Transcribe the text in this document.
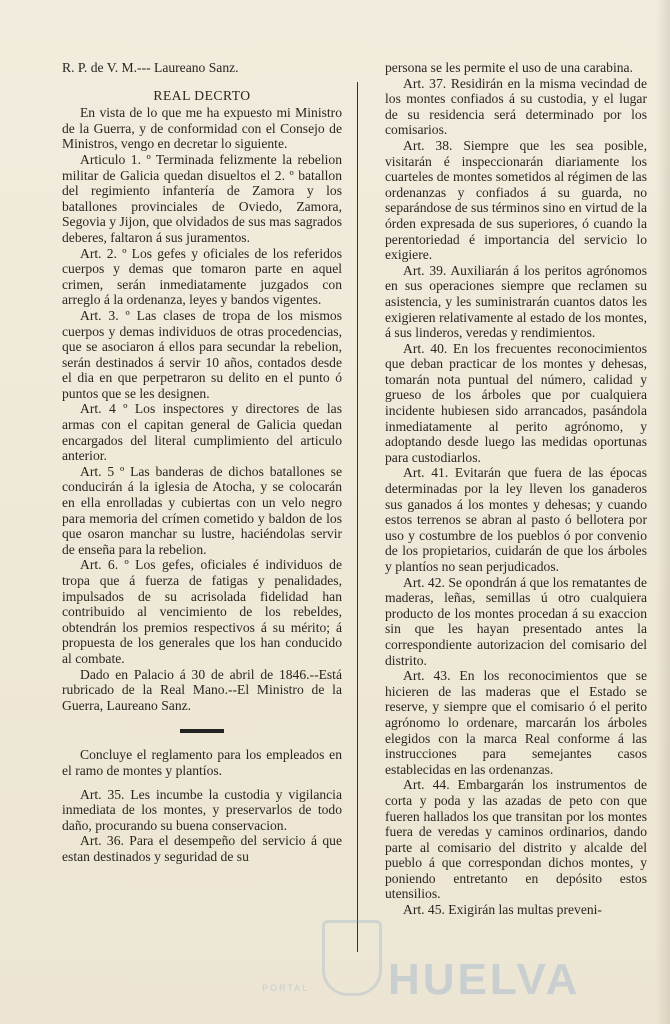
R. P. de V. M.--- Laureano Sanz.

REAL DECRTO

En vista de lo que me ha expuesto mi Ministro de la Guerra, y de conformidad con el Consejo de Ministros, vengo en decretar lo siguiente.

Articulo 1. º Terminada felizmente la rebelion militar de Galicia quedan disueltos el 2. º batallon del regimiento infantería de Zamora y los batallones provinciales de Oviedo, Zamora, Segovia y Jijon, que olvidados de sus mas sagrados deberes, faltaron á sus juramentos.

Art. 2. º Los gefes y oficiales de los referidos cuerpos y demas que tomaron parte en aquel crimen, serán inmediatamente juzgados con arreglo á la ordenanza, leyes y bandos vigentes.

Art. 3. º Las clases de tropa de los mismos cuerpos y demas individuos de otras procedencias, que se asociaron á ellos para secundar la rebelion, serán destinados á servir 10 años, contados desde el dia en que perpetraron su delito en el punto ó puntos que se les designen.

Art. 4 º Los inspectores y directores de las armas con el capitan general de Galicia quedan encargados del literal cumplimiento del articulo anterior.

Art. 5 º Las banderas de dichos batallones se conducirán á la iglesia de Atocha, y se colocarán en ella enrolladas y cubiertas con un velo negro para memoria del crímen cometido y baldon de los que osaron manchar su lustre, haciéndolas servir de enseña para la rebelion.

Art. 6. º Los gefes, oficiales é individuos de tropa que á fuerza de fatigas y penalidades, impulsados de su acrisolada fidelidad han contribuido al vencimiento de los rebeldes, obtendrán los premios respectivos á su mérito; á propuesta de los generales que los han conducido al combate.

Dado en Palacio á 30 de abril de 1846.--Está rubricado de la Real Mano.--El Ministro de la Guerra, Laureano Sanz.

Concluye el reglamento para los empleados en el ramo de montes y plantíos.

Art. 35. Les incumbe la custodia y vigilancia inmediata de los montes, y preservarlos de todo daño, procurando su buena conservacion.

Art. 36. Para el desempeño del servicio á que estan destinados y seguridad de su

persona se les permite el uso de una carabina.

Art. 37. Residirán en la misma vecindad de los montes confiados á su custodia, y el lugar de su residencia será determinado por los comisarios.

Art. 38. Siempre que les sea posible, visitarán é inspeccionarán diariamente los cuarteles de montes sometidos al régimen de las ordenanzas y confiados á su guarda, no separándose de sus términos sino en virtud de la órden expresada de sus superiores, ó cuando la perentoriedad é importancia del servicio lo exigiere.

Art. 39. Auxiliarán á los peritos agrónomos en sus operaciones siempre que reclamen su asistencia, y les suministrarán cuantos datos les exigieren relativamente al estado de los montes, á sus linderos, veredas y rendimientos.

Art. 40. En los frecuentes reconocimientos que deban practicar de los montes y dehesas, tomarán nota puntual del número, calidad y grueso de los árboles que por cualquiera incidente hubiesen sido arrancados, pasándola inmediatamente al perito agrónomo, y adoptando desde luego las medidas oportunas para custodiarlos.

Art. 41. Evitarán que fuera de las épocas determinadas por la ley lleven los ganaderos sus ganados á los montes y dehesas; y cuando estos terrenos se abran al pasto ó bellotera por uso y costumbre de los pueblos ó por convenio de los propietarios, cuidarán de que los árboles y plantíos no sean perjudicados.

Art. 42. Se opondrán á que los rematantes de maderas, leñas, semillas ú otro cualquiera producto de los montes procedan á su exaccion sin que les hayan presentado antes la correspondiente autorizacion del comisario del distrito.

Art. 43. En los reconocimientos que se hicieren de las maderas que el Estado se reserve, y siempre que el comisario ó el perito agrónomo lo ordenare, marcarán los árboles elegidos con la marca Real conforme á las instrucciones para semejantes casos establecidas en las ordenanzas.

Art. 44. Embargarán los instrumentos de corta y poda y las azadas de peto con que fueren hallados los que transitan por los montes fuera de veredas y caminos ordinarios, dando parte al comisario del distrito y alcalde del pueblo á que correspondan dichos montes, y poniendo entretanto en depósito estos utensilios.

Art. 45. Exigirán las multas preveni-

PORTAL HUELVA
